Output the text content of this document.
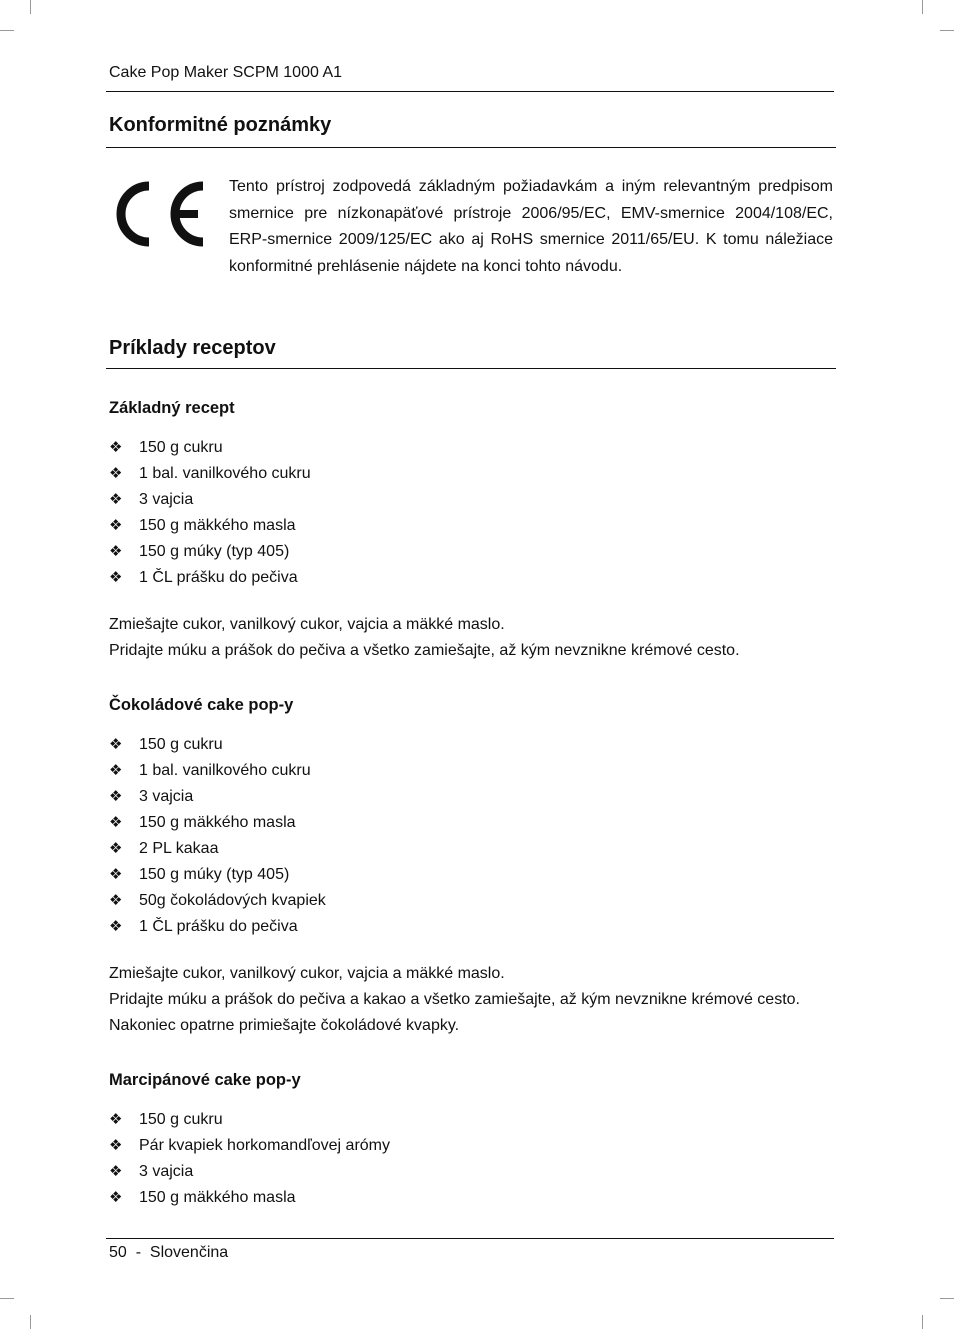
Cake Pop Maker SCPM 1000 A1
Konformitné poznámky
Tento prístroj zodpovedá základným požiadavkám a iným relevantným predpisom smernice pre nízkonapäťové prístroje 2006/95/EC, EMV-smernice 2004/108/EC, ERP-smernice 2009/125/EC ako aj RoHS smernice 2011/65/EU. K tomu náležiace konformitné prehlásenie nájdete na konci tohto návodu.
Príklady receptov
Základný recept
❖	150 g cukru
❖	1 bal. vanilkového cukru
❖	3 vajcia
❖	150 g mäkkého masla
❖	150 g múky (typ 405)
❖	1 ČL prášku do pečiva
Zmiešajte cukor, vanilkový cukor, vajcia a mäkké maslo.
Pridajte múku a prášok do pečiva a všetko zamiešajte, až kým nevznikne krémové cesto.
Čokoládové cake pop-y
❖	150 g cukru
❖	1 bal. vanilkového cukru
❖	3 vajcia
❖	150 g mäkkého masla
❖	2 PL kakaa
❖	150 g múky (typ 405)
❖	50g čokoládových kvapiek
❖	1 ČL prášku do pečiva
Zmiešajte cukor, vanilkový cukor, vajcia a mäkké maslo.
Pridajte múku a prášok do pečiva a kakao a všetko zamiešajte, až kým nevznikne krémové cesto.
Nakoniec opatrne primiešajte čokoládové kvapky.
Marcipánové cake pop-y
❖	150 g cukru
❖	Pár kvapiek horkomandľovej arómy
❖	3 vajcia
❖	150 g mäkkého masla
50 - Slovenčina
